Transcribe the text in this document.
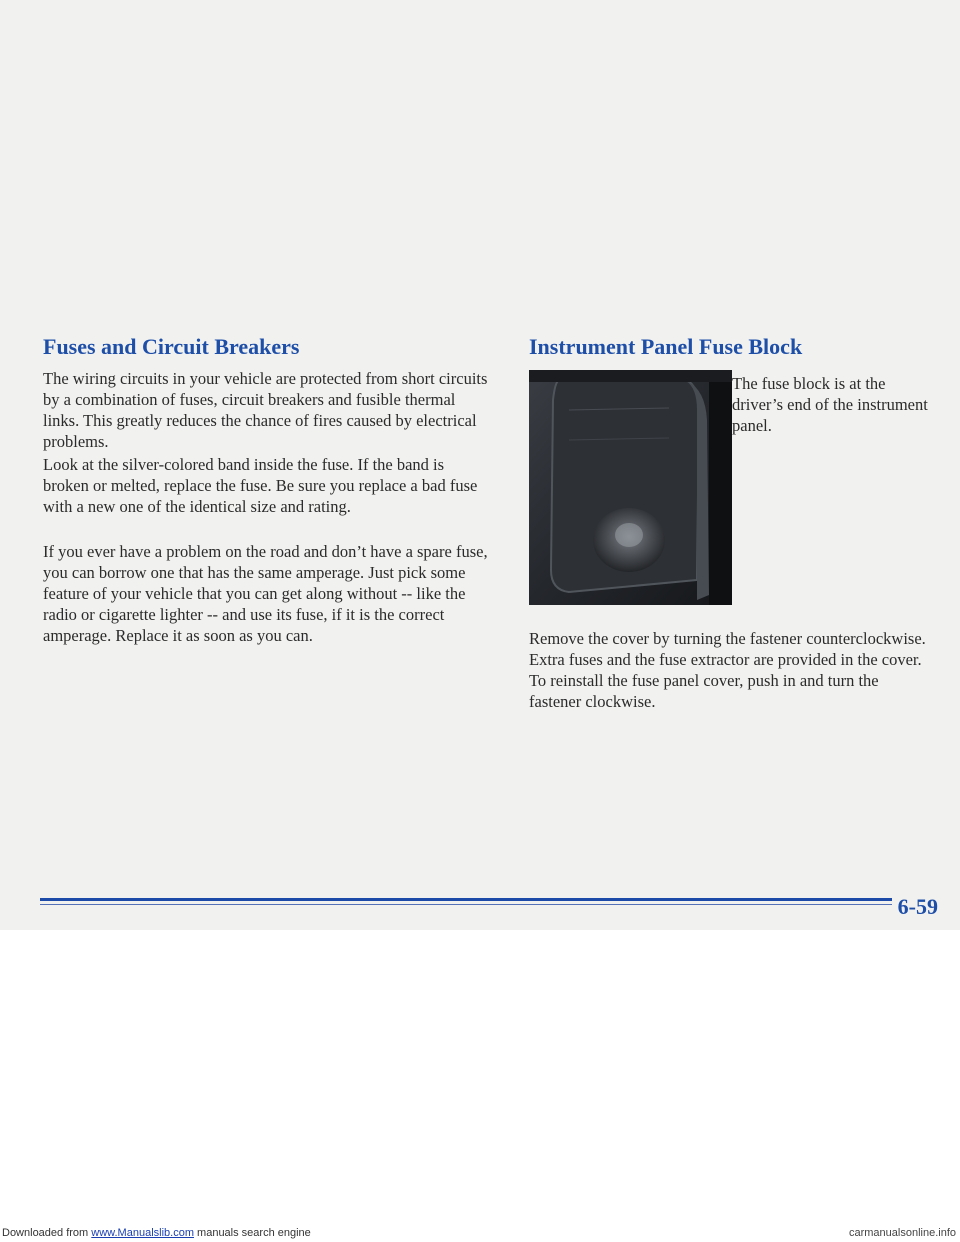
Fuses and Circuit Breakers

The wiring circuits in your vehicle are protected from short circuits by a combination of fuses, circuit breakers and fusible thermal links. This greatly reduces the chance of fires caused by electrical problems.

Look at the silver-colored band inside the fuse. If the band is broken or melted, replace the fuse. Be sure you replace a bad fuse with a new one of the identical size and rating.

If you ever have a problem on the road and don’t have a spare fuse, you can borrow one that has the same amperage. Just pick some feature of your vehicle that you can get along without -- like the radio or cigarette lighter -- and use its fuse, if it is the correct amperage. Replace it as soon as you can.

Instrument Panel Fuse Block

The fuse block is at the driver’s end of the instrument panel.

Remove the cover by turning the fastener counterclockwise. Extra fuses and the fuse extractor are provided in the cover. To reinstall the fuse panel cover, push in and turn the fastener clockwise.

6-59

Downloaded from www.Manualslib.com manuals search engine	carmanualsonline.info
